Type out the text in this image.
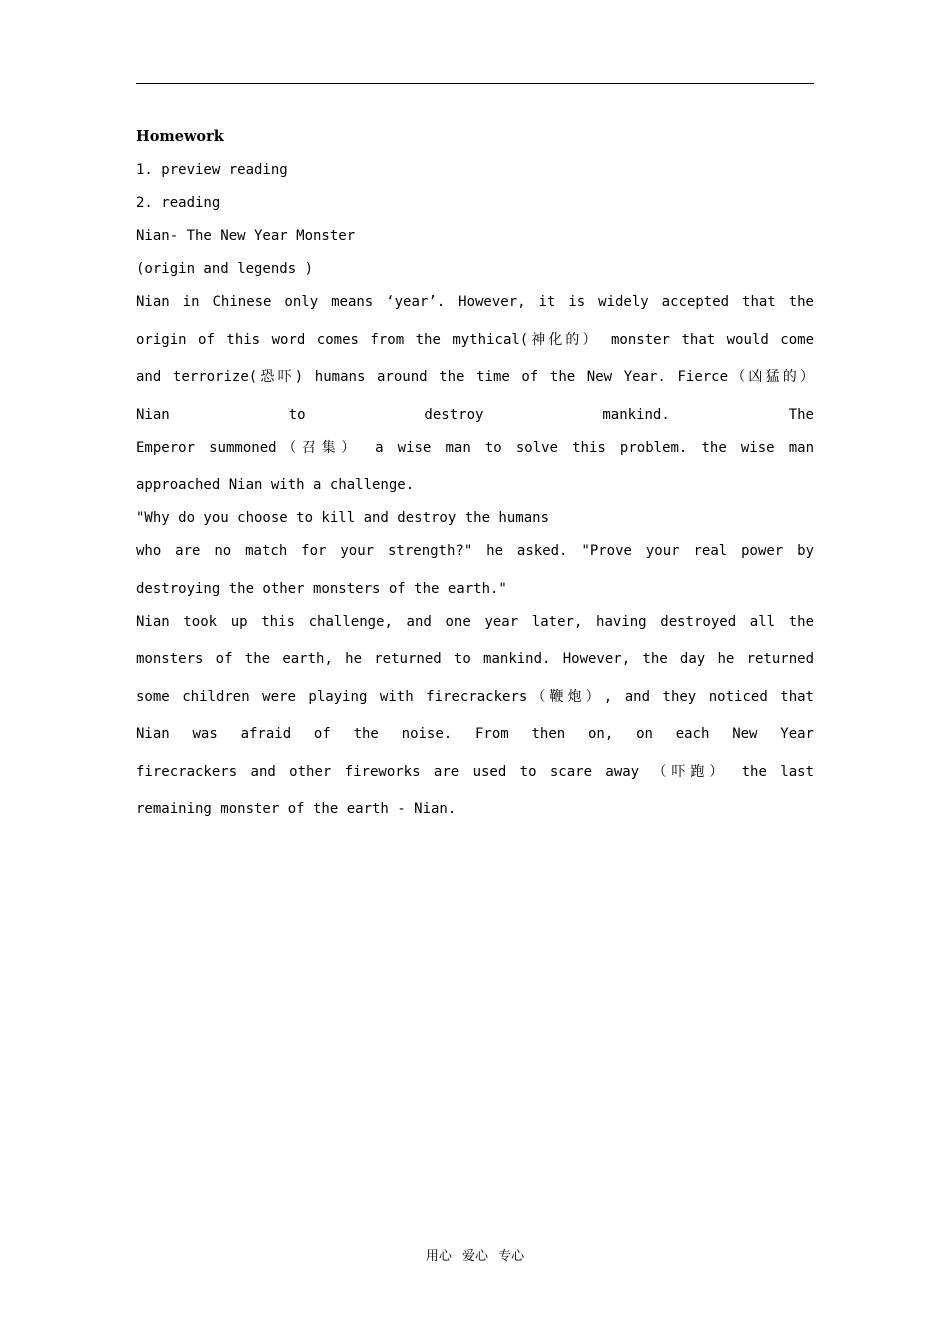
Homework
1. preview reading
2. reading
Nian- The New Year Monster
(origin and legends )
Nian in Chinese only means ‘year’. However, it is widely accepted that the
origin of this word comes from the mythical(神化的） monster that would come
and terrorize(恐吓) humans around the time of the New Year. Fierce（凶猛的）
Nian to destroy mankind. The
Emperor summoned（召集） a wise man to solve this problem. the wise man
approached Nian with a challenge.
"Why do you choose to kill and destroy the humans
who are no match for your strength?" he asked. "Prove your real power by
destroying the other monsters of the earth."
Nian took up this challenge, and one year later, having destroyed all the
monsters of the earth, he returned to mankind. However, the day he returned
some children were playing with firecrackers（鞭炮）, and they noticed that
Nian was afraid of the noise. From then on, on each New Year
firecrackers and other fireworks are used to scare away （吓跑） the last
remaining monster of the earth - Nian.
用心 爱心 专心
